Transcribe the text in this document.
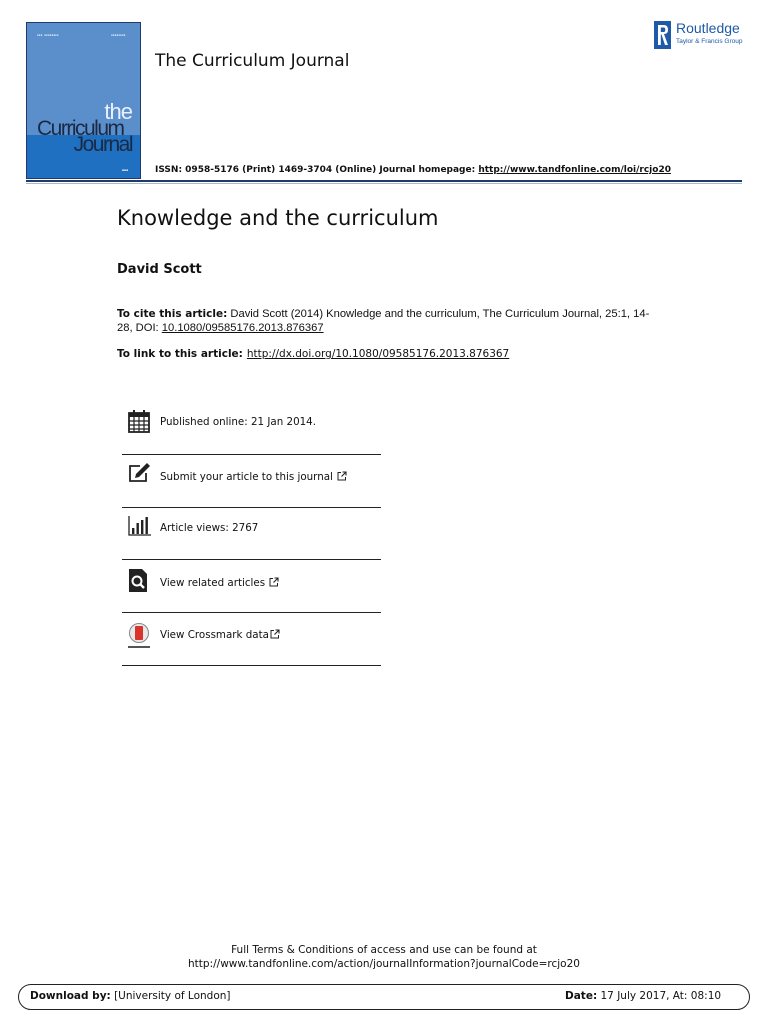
▪▪▪ ▪▪▪▪▪▪▪▪	▪▪▪▪▪▪▪▪
the
Curriculum
Journal
▪▪▪
The Curriculum Journal
Routledge
Taylor & Francis Group
ISSN: 0958-5176 (Print) 1469-3704 (Online) Journal homepage: http://www.tandfonline.com/loi/rcjo20
Knowledge and the curriculum
David Scott
To cite this article: David Scott (2014) Knowledge and the curriculum, The Curriculum Journal, 25:1, 14-28, DOI: 10.1080/09585176.2013.876367
To link to this article: http://dx.doi.org/10.1080/09585176.2013.876367
Published online: 21 Jan 2014.
Submit your article to this journal
Article views: 2767
View related articles
View Crossmark data
Full Terms & Conditions of access and use can be found at
http://www.tandfonline.com/action/journalInformation?journalCode=rcjo20
Download by: [University of London]	Date: 17 July 2017, At: 08:10
